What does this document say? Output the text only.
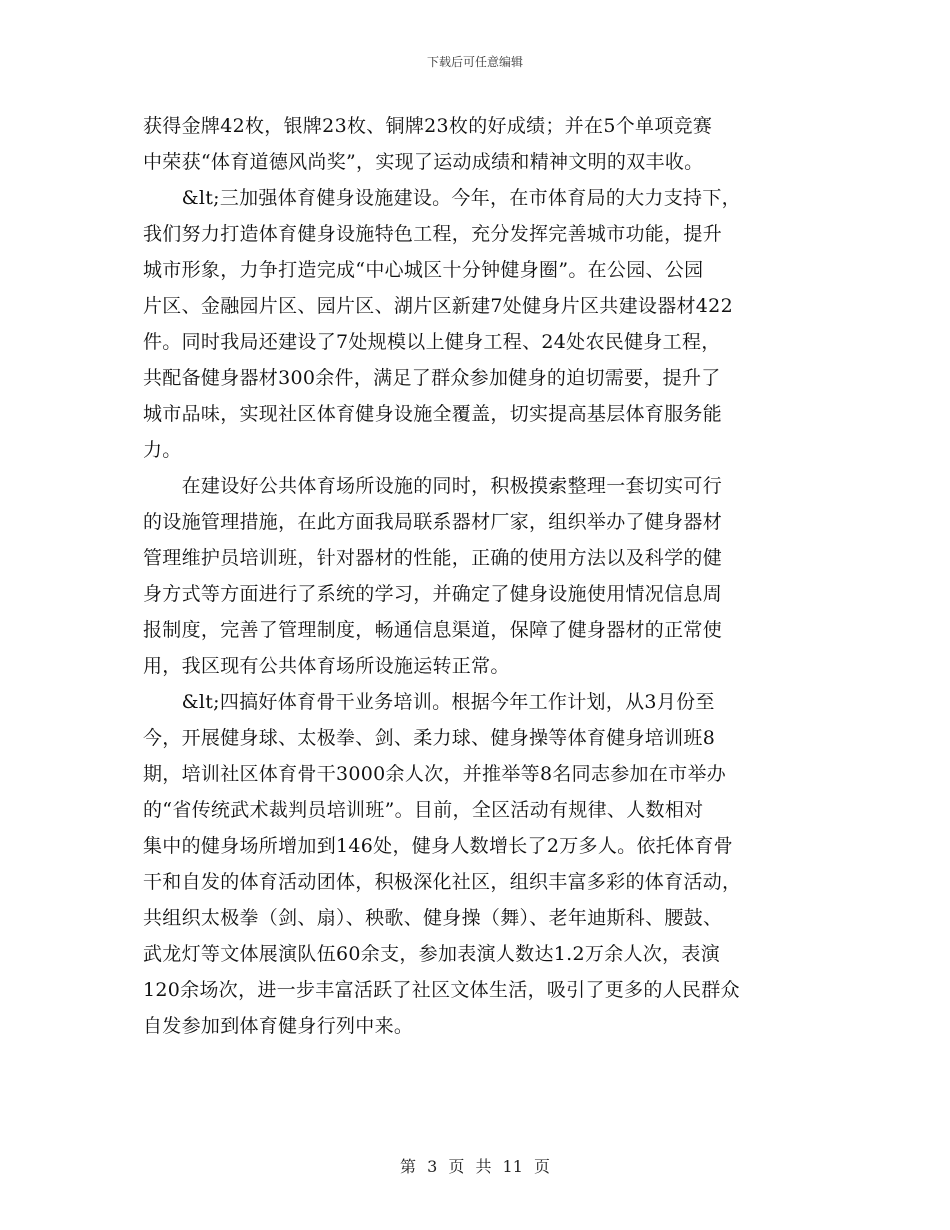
下载后可任意编辑
获得金牌42枚，银牌23枚、铜牌23枚的好成绩；并在5个单项竞赛
中荣获“体育道德风尚奖”，实现了运动成绩和精神文明的双丰收。
　　&lt;三加强体育健身设施建设。今年，在市体育局的大力支持下，
我们努力打造体育健身设施特色工程，充分发挥完善城市功能，提升
城市形象，力争打造完成“中心城区十分钟健身圈”。在公园、公园
片区、金融园片区、园片区、湖片区新建7处健身片区共建设器材422
件。同时我局还建设了7处规模以上健身工程、24处农民健身工程，
共配备健身器材300余件，满足了群众参加健身的迫切需要，提升了
城市品味，实现社区体育健身设施全覆盖，切实提高基层体育服务能
力。
　　在建设好公共体育场所设施的同时，积极摸索整理一套切实可行
的设施管理措施，在此方面我局联系器材厂家，组织举办了健身器材
管理维护员培训班，针对器材的性能，正确的使用方法以及科学的健
身方式等方面进行了系统的学习，并确定了健身设施使用情况信息周
报制度，完善了管理制度，畅通信息渠道，保障了健身器材的正常使
用，我区现有公共体育场所设施运转正常。
　　&lt;四搞好体育骨干业务培训。根据今年工作计划，从3月份至
今，开展健身球、太极拳、剑、柔力球、健身操等体育健身培训班8
期，培训社区体育骨干3000余人次，并推举等8名同志参加在市举办
的“省传统武术裁判员培训班”。目前，全区活动有规律、人数相对
集中的健身场所增加到146处，健身人数增长了2万多人。依托体育骨
干和自发的体育活动团体，积极深化社区，组织丰富多彩的体育活动，
共组织太极拳（剑、扇）、秧歌、健身操（舞）、老年迪斯科、腰鼓、
武龙灯等文体展演队伍60余支，参加表演人数达1.2万余人次，表演
120余场次，进一步丰富活跃了社区文体生活，吸引了更多的人民群众
自发参加到体育健身行列中来。
第 3 页 共 11 页
